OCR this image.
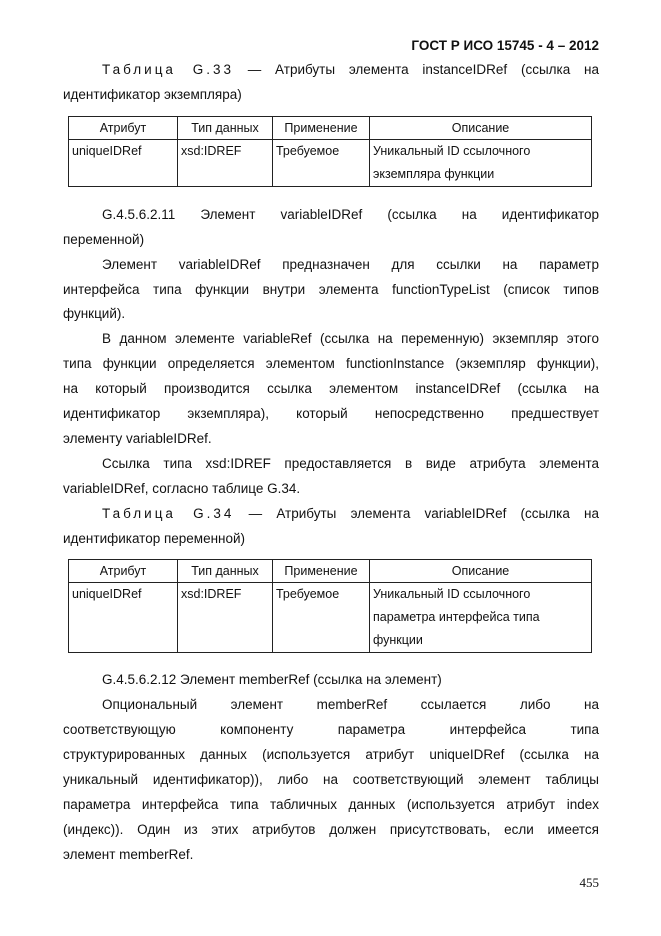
ГОСТ Р ИСО 15745 - 4 – 2012
Таблица G.33 — Атрибуты элемента instanceIDRef (ссылка на
идентификатор экземпляра)
Атрибут	Тип данных	Применение	Описание
uniqueIDRef	xsd:IDREF	Требуемое	Уникальный ID ссылочного
экземпляра функции
G.4.5.6.2.11 Элемент variableIDRef (ссылка на идентификатор
переменной)
Элемент variableIDRef предназначен для ссылки на параметр
интерфейса типа функции внутри элемента functionTypeList (список типов
функций).
В данном элементе variableRef (ссылка на переменную) экземпляр этого
типа функции определяется элементом functionInstance (экземпляр функции),
на который производится ссылка элементом instanceIDRef (ссылка на
идентификатор экземпляра), который непосредственно предшествует
элементу variableIDRef.
Ссылка типа xsd:IDREF предоставляется в виде атрибута элемента
variableIDRef, согласно таблице G.34.
Таблица G.34 — Атрибуты элемента variableIDRef (ссылка на
идентификатор переменной)
Атрибут	Тип данных	Применение	Описание
uniqueIDRef	xsd:IDREF	Требуемое	Уникальный ID ссылочного
параметра интерфейса типа
функции
G.4.5.6.2.12 Элемент memberRef (ссылка на элемент)
Опциональный элемент memberRef ссылается либо на
соответствующую компоненту параметра интерфейса типа
структурированных данных (используется атрибут uniqueIDRef (ссылка на
уникальный идентификатор)), либо на соответствующий элемент таблицы
параметра интерфейса типа табличных данных (используется атрибут index
(индекс)). Один из этих атрибутов должен присутствовать, если имеется
элемент memberRef.
455
